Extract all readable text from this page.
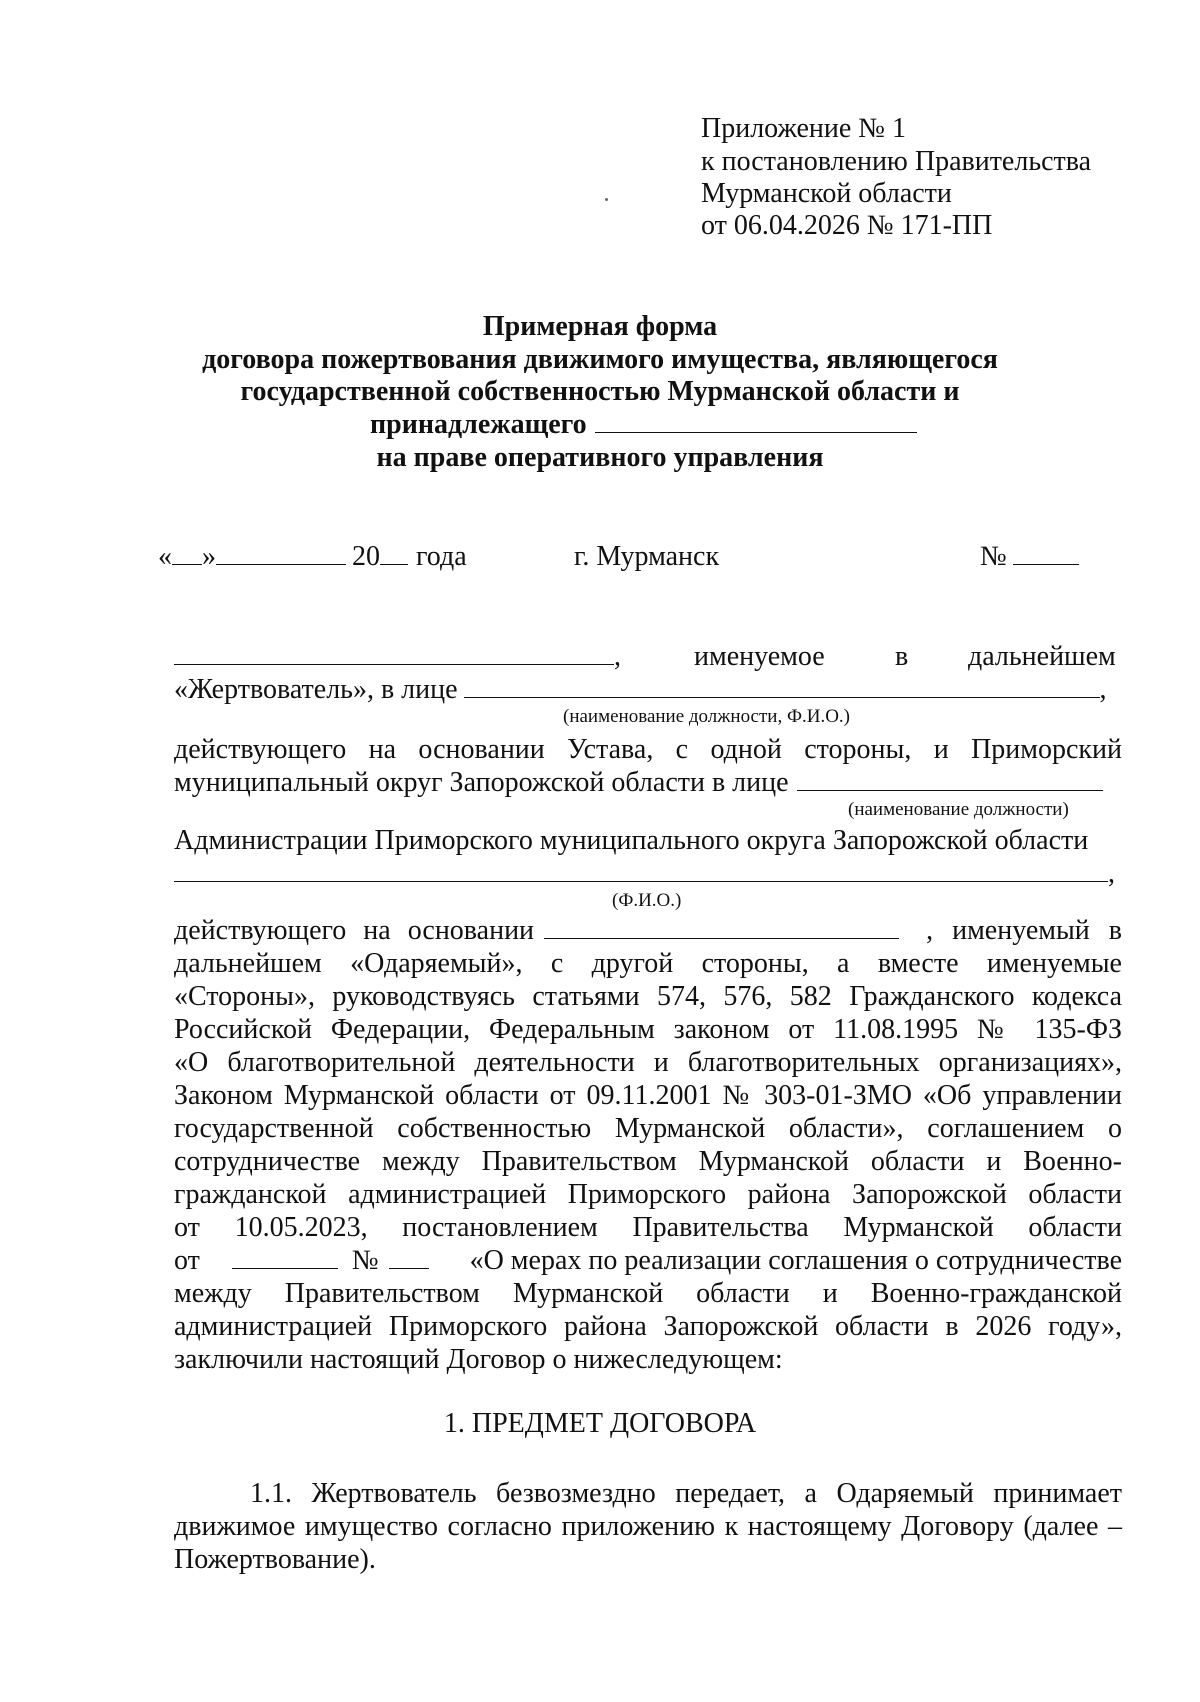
Приложение № 1
к постановлению Правительства
Мурманской области
от 06.04.2026 № 171-ПП
Примерная форма
договора пожертвования движимого имущества, являющегося
государственной собственностью Мурманской области и
принадлежащего
на праве оперативного управления
« »	20 года	г. Мурманск	№
,	именуемое	в дальнейшем
«Жертвователь», в лице	,
(наименование должности, Ф.И.О.)
действующего на основании Устава, с одной стороны, и Приморский
муниципальный округ Запорожской области в лице
(наименование должности)
Администрации Приморского муниципального округа Запорожской области
,
(Ф.И.О.)
действующего на основании	, именуемый в
дальнейшем «Одаряемый», с другой стороны, а вместе именуемые
«Стороны», руководствуясь статьями 574, 576, 582 Гражданского кодекса
Российской Федерации, Федеральным законом от 11.08.1995 № 135-ФЗ
«О благотворительной деятельности и благотворительных организациях»,
Законом Мурманской области от 09.11.2001 № 303-01-ЗМО «Об управлении
государственной собственностью Мурманской области», соглашением о
сотрудничестве между Правительством Мурманской области и Военно-
гражданской администрацией Приморского района Запорожской области
от 10.05.2023, постановлением Правительства Мурманской области
от	№	«О мерах по реализации соглашения о сотрудничестве
между Правительством Мурманской области и Военно-гражданской
администрацией Приморского района Запорожской области в 2026 году»,
заключили настоящий Договор о нижеследующем:
1. ПРЕДМЕТ ДОГОВОРА
1.1. Жертвователь безвозмездно передает, а Одаряемый принимает
движимое имущество согласно приложению к настоящему Договору (далее –
Пожертвование).
